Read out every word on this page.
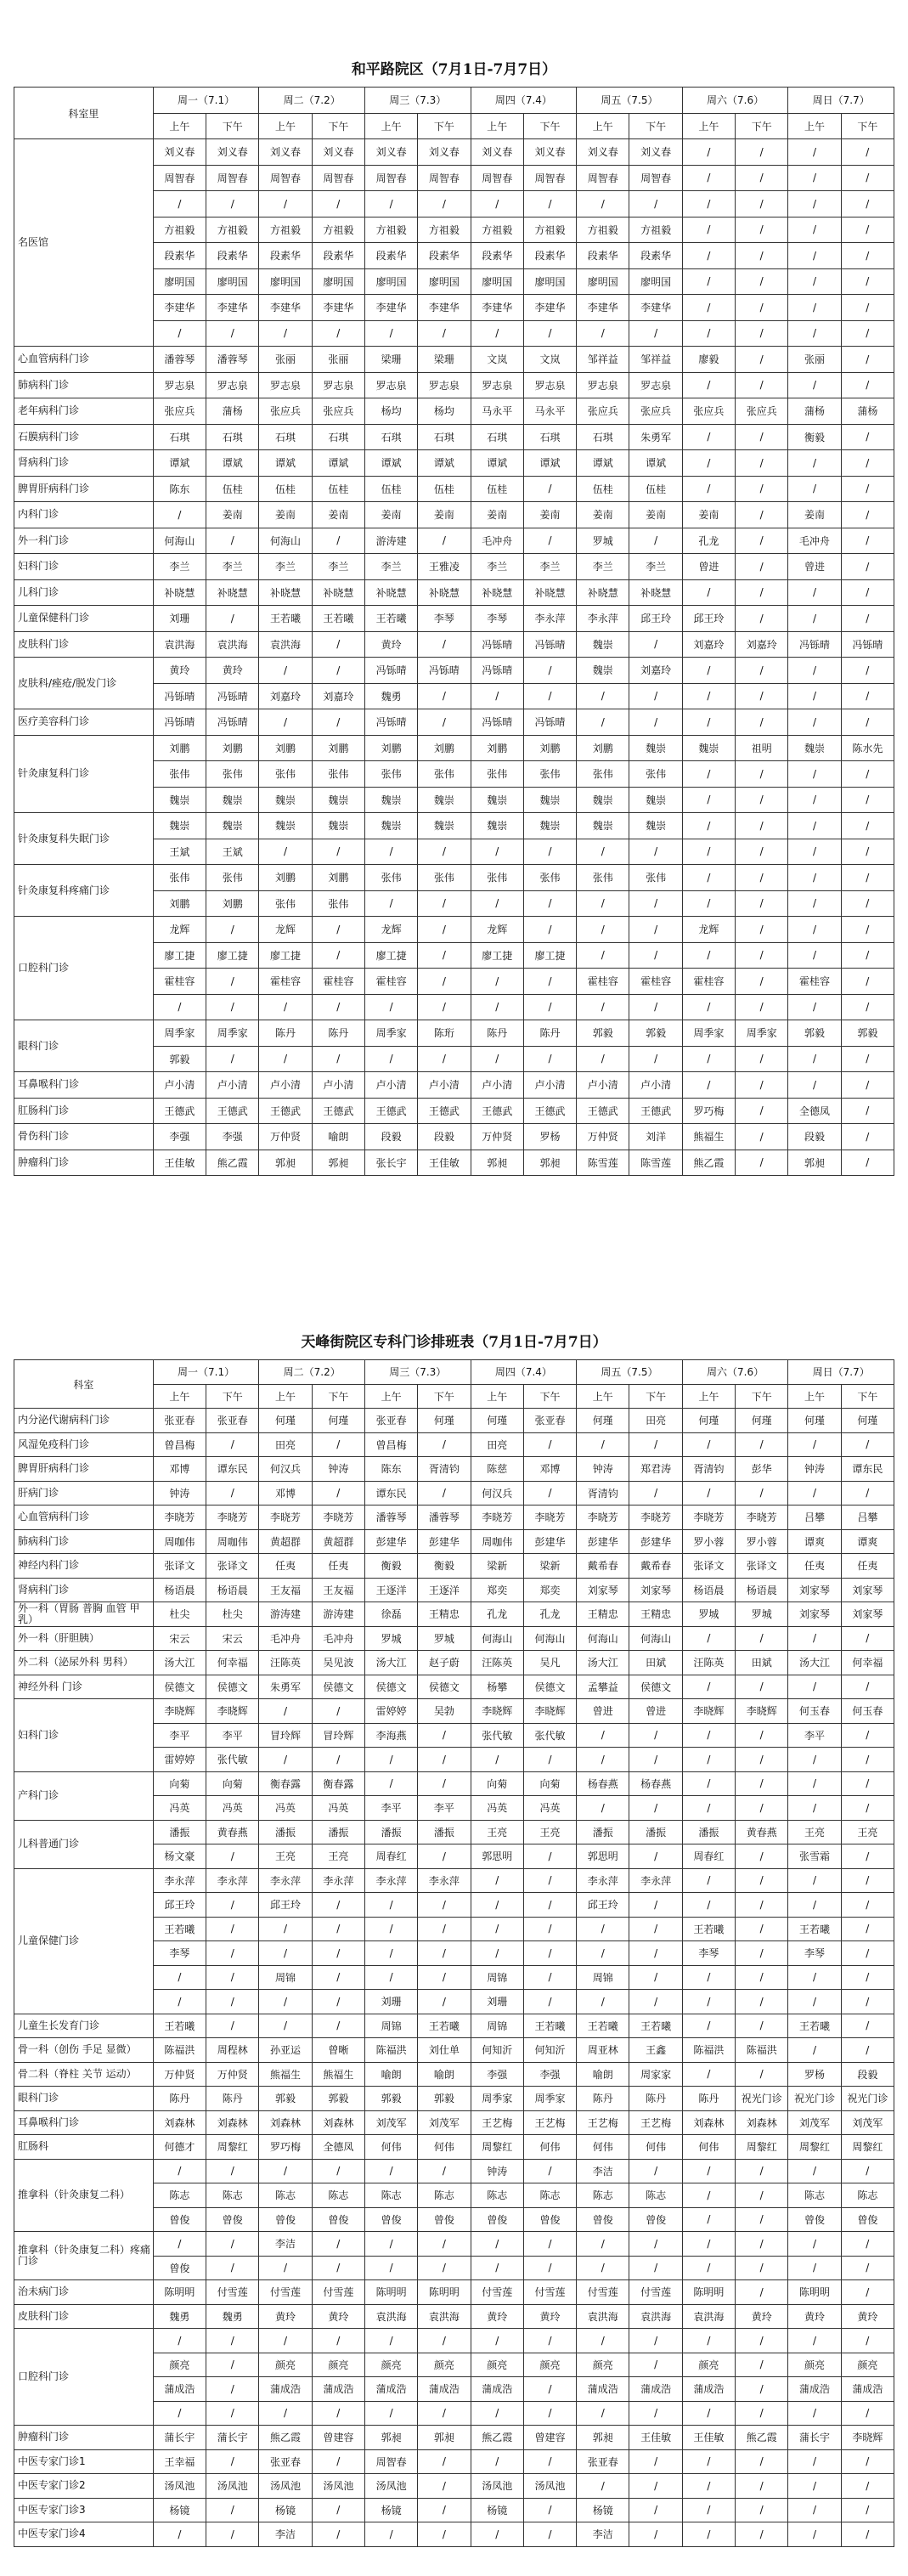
和平路院区（7月1日-7月7日）
科室里	周一（7.1）		周二（7.2）		周三（7.3）		周四（7.4）		周五（7.5）		周六（7.6）		周日（7.7）	
	上午	下午	上午	下午	上午	下午	上午	下午	上午	下午	上午	下午	上午	下午
名医馆	刘义春	刘义春	刘义春	刘义春	刘义春	刘义春	刘义春	刘义春	刘义春	刘义春	/	/	/	/
	周智春	周智春	周智春	周智春	周智春	周智春	周智春	周智春	周智春	周智春	/	/	/	/
	/	/	/	/	/	/	/	/	/	/	/	/	/	/
	方祖毅	方祖毅	方祖毅	方祖毅	方祖毅	方祖毅	方祖毅	方祖毅	方祖毅	方祖毅	/	/	/	/
	段素华	段素华	段素华	段素华	段素华	段素华	段素华	段素华	段素华	段素华	/	/	/	/
	廖明国	廖明国	廖明国	廖明国	廖明国	廖明国	廖明国	廖明国	廖明国	廖明国	/	/	/	/
	李建华	李建华	李建华	李建华	李建华	李建华	李建华	李建华	李建华	李建华	/	/	/	/
	/	/	/	/	/	/	/	/	/	/	/	/	/	/
心血管病科门诊	潘蓉琴	潘蓉琴	张丽	张丽	梁珊	梁珊	文岚	文岚	邹祥益	邹祥益	廖毅	/	张丽	/
肺病科门诊	罗志泉	罗志泉	罗志泉	罗志泉	罗志泉	罗志泉	罗志泉	罗志泉	罗志泉	罗志泉	/	/	/	/
老年病科门诊	张应兵	蒲杨	张应兵	张应兵	杨均	杨均	马永平	马永平	张应兵	张应兵	张应兵	张应兵	蒲杨	蒲杨
石膜病科门诊	石琪	石琪	石琪	石琪	石琪	石琪	石琪	石琪	石琪	朱勇军	/	/	衡毅	/
肾病科门诊	谭斌	谭斌	谭斌	谭斌	谭斌	谭斌	谭斌	谭斌	谭斌	谭斌	/	/	/	/
脾胃肝病科门诊	陈东	伍桂	伍桂	伍桂	伍桂	伍桂	伍桂	/	伍桂	伍桂	/	/	/	/
内科门诊	/	姜南	姜南	姜南	姜南	姜南	姜南	姜南	姜南	姜南	姜南	/	姜南	/
外一科门诊	何海山	/	何海山	/	游涛建	/	毛冲舟	/	罗城	/	孔龙	/	毛冲舟	/
妇科门诊	李兰	李兰	李兰	李兰	李兰	王雅凌	李兰	李兰	李兰	李兰	曾进	/	曾进	/
儿科门诊	补晓慧	补晓慧	补晓慧	补晓慧	补晓慧	补晓慧	补晓慧	补晓慧	补晓慧	补晓慧	/	/	/	/
儿童保健科门诊	刘珊	/	王若曦	王若曦	王若曦	李琴	李琴	李永萍	李永萍	邱王玲	邱王玲	/	/	/
皮肤科门诊	袁洪海	袁洪海	袁洪海	/	黄玲	/	冯铄晴	冯铄晴	魏崇	/	刘嘉玲	刘嘉玲	冯铄晴	冯铄晴
皮肤科/痤疮/脱发门诊	黄玲	黄玲	/	/	冯铄晴	冯铄晴	冯铄晴	/	魏崇	刘嘉玲	/	/	/	/
	冯铄晴	冯铄晴	刘嘉玲	刘嘉玲	魏勇	/	/	/	/	/	/	/	/	/
医疗美容科门诊	冯铄晴	冯铄晴	/	/	冯铄晴	/	冯铄晴	冯铄晴	/	/	/	/	/	/
针灸康复科门诊	刘鹏	刘鹏	刘鹏	刘鹏	刘鹏	刘鹏	刘鹏	刘鹏	刘鹏	魏崇	魏崇	祖明	魏崇	陈水先
	张伟	张伟	张伟	张伟	张伟	张伟	张伟	张伟	张伟	张伟	/	/	/	/
	魏崇	魏崇	魏崇	魏崇	魏崇	魏崇	魏崇	魏崇	魏崇	魏崇	/	/	/	/
针灸康复科失眠门诊	魏崇	魏崇	魏崇	魏崇	魏崇	魏崇	魏崇	魏崇	魏崇	魏崇	/	/	/	/
	王斌	王斌	/	/	/	/	/	/	/	/	/	/	/	/
针灸康复科疼痛门诊	张伟	张伟	刘鹏	刘鹏	张伟	张伟	张伟	张伟	张伟	张伟	/	/	/	/
	刘鹏	刘鹏	张伟	张伟	/	/	/	/	/	/	/	/	/	/
口腔科门诊	龙辉	/	龙辉	/	龙辉	/	龙辉	/	/	/	龙辉	/	/	/
	廖工捷	廖工捷	廖工捷	/	廖工捷	/	廖工捷	廖工捷	/	/	/	/	/	/
	霍桂容	/	霍桂容	霍桂容	霍桂容	/	/	/	霍桂容	霍桂容	霍桂容	/	霍桂容	/
	/	/	/	/	/	/	/	/	/	/	/	/	/	/
眼科门诊	周季家	周季家	陈丹	陈丹	周季家	陈珩	陈丹	陈丹	郭毅	郭毅	周季家	周季家	郭毅	郭毅
	郭毅	/	/	/	/	/	/	/	/	/	/	/	/	/
耳鼻喉科门诊	卢小清	卢小清	卢小清	卢小清	卢小清	卢小清	卢小清	卢小清	卢小清	卢小清	/	/	/	/
肛肠科门诊	王德武	王德武	王德武	王德武	王德武	王德武	王德武	王德武	王德武	王德武	罗巧梅	/	全德凤	/
骨伤科门诊	李强	李强	万仲贤	喻朗	段毅	段毅	万仲贤	罗杨	万仲贤	刘洋	熊福生	/	段毅	/
肿瘤科门诊	王佳敏	熊乙霞	郭昶	郭昶	张长宇	王佳敏	郭昶	郭昶	陈雪莲	陈雪莲	熊乙霞	/	郭昶	/
天峰街院区专科门诊排班表（7月1日-7月7日）
科室	周一（7.1）		周二（7.2）		周三（7.3）		周四（7.4）		周五（7.5）		周六（7.6）		周日（7.7）	
	上午	下午	上午	下午	上午	下午	上午	下午	上午	下午	上午	下午	上午	下午
内分泌代谢病科门诊	张亚春	张亚春	何瑾	何瑾	张亚春	何瑾	何瑾	张亚春	何瑾	田亮	何瑾	何瑾	何瑾	何瑾
风湿免疫科门诊	曾昌梅	/	田亮	/	曾昌梅	/	田亮	/	/	/	/	/	/	/
脾胃肝病科门诊	邓博	谭东民	何汉兵	钟涛	陈东	胥清钧	陈慈	邓博	钟涛	郑君涛	胥清钧	彭华	钟涛	谭东民
肝病门诊	钟涛	/	邓博	/	谭东民	/	何汉兵	/	胥清钧	/	/	/	/	/
心血管病科门诊	李晓芳	李晓芳	李晓芳	李晓芳	潘蓉琴	潘蓉琴	李晓芳	李晓芳	李晓芳	李晓芳	李晓芳	李晓芳	吕攀	吕攀
肺病科门诊	周咖伟	周咖伟	黄超群	黄超群	彭建华	彭建华	周咖伟	彭建华	彭建华	彭建华	罗小蓉	罗小蓉	谭爽	谭爽
神经内科门诊	张译文	张译文	任夷	任夷	衡毅	衡毅	梁新	梁新	戴希春	戴希春	张译文	张译文	任夷	任夷
肾病科门诊	杨语晨	杨语晨	王友福	王友福	王逐洋	王逐洋	郑奕	郑奕	刘家琴	刘家琴	杨语晨	杨语晨	刘家琴	刘家琴
外一科（胃肠 普胸 血管 甲乳）	杜尖	杜尖	游涛建	游涛建	徐磊	王精忠	孔龙	孔龙	王精忠	王精忠	罗城	罗城	刘家琴	刘家琴
外一科（肝胆胰）	宋云	宋云	毛冲舟	毛冲舟	罗城	罗城	何海山	何海山	何海山	何海山	/	/	/	/
外二科（泌尿外科 男科）	汤大江	何幸福	汪陈英	吴见波	汤大江	赵子蔚	汪陈英	吴凡	汤大江	田斌	汪陈英	田斌	汤大江	何幸福
神经外科 门诊	侯德文	侯德文	朱勇军	侯德文	侯德文	侯德文	杨攀	侯德文	孟攀益	侯德文	/	/	/	/
妇科门诊	李晓辉	李晓辉	/	/	雷婷婷	吴勃	李晓辉	李晓辉	曾进	曾进	李晓辉	李晓辉	何玉春	何玉春
	李平	李平	冒玲辉	冒玲辉	李海燕	/	张代敏	张代敏	/	/	/	/	李平	/
	雷婷婷	张代敏	/	/	/	/	/	/	/	/	/	/	/	/
产科门诊	向菊	向菊	衡春露	衡春露	/	/	向菊	向菊	杨春燕	杨春燕	/	/	/	/
	冯英	冯英	冯英	冯英	李平	李平	冯英	冯英	/	/	/	/	/	/
儿科普通门诊	潘振	黄春燕	潘振	潘振	潘振	潘振	王亮	王亮	潘振	潘振	潘振	黄春燕	王亮	王亮
	杨文豪	/	王亮	王亮	周春红	/	郭思明	/	郭思明	/	周春红	/	张雪霜	/
儿童保健门诊	李永萍	李永萍	李永萍	李永萍	李永萍	李永萍	/	/	李永萍	李永萍	/	/	/	/
	邱王玲	/	邱王玲	/	/	/	/	/	邱王玲	/	/	/	/	/
	王若曦	/	/	/	/	/	/	/	/	/	王若曦	/	王若曦	/
	李琴	/	/	/	/	/	/	/	/	/	李琴	/	李琴	/
	/	/	周锦	/	/	/	周锦	/	周锦	/	/	/	/	/
	/	/	/	/	刘珊	/	刘珊	/	/	/	/	/	/	/
儿童生长发育门诊	王若曦	/	/	/	周锦	王若曦	周锦	王若曦	王若曦	王若曦	/	/	王若曦	/
骨一科（创伤 手足 显微）	陈福洪	周程林	孙亚运	曾晰	陈福洪	刘仕单	何知沂	何知沂	周亚林	王鑫	陈福洪	陈福洪	/	/
骨二科（脊柱 关节 运动）	万仲贤	万仲贤	熊福生	熊福生	喻朗	喻朗	李强	李强	喻朗	周家家	/	/	罗杨	段毅
眼科门诊	陈丹	陈丹	郭毅	郭毅	郭毅	郭毅	周季家	周季家	陈丹	陈丹	陈丹	祝光门诊	祝光门诊	祝光门诊
耳鼻喉科门诊	刘森林	刘森林	刘森林	刘森林	刘茂军	刘茂军	王艺梅	王艺梅	王艺梅	王艺梅	刘森林	刘森林	刘茂军	刘茂军
肛肠科	何德才	周黎红	罗巧梅	全德凤	何伟	何伟	周黎红	何伟	何伟	何伟	何伟	周黎红	周黎红	周黎红
推拿科（针灸康复二科）	/	/	/	/	/	/	钟涛	/	李洁	/	/	/	/	/
	陈志	陈志	陈志	陈志	陈志	陈志	陈志	陈志	陈志	陈志	/	/	陈志	陈志
	曾俊	曾俊	曾俊	曾俊	曾俊	曾俊	曾俊	曾俊	曾俊	曾俊	/	/	曾俊	曾俊
推拿科（针灸康复二科）疼痛门诊	/	/	李洁	/	/	/	/	/	/	/	/	/	/	/
	曾俊	/	/	/	/	/	/	/	/	/	/	/	/	/
治未病门诊	陈明明	付雪莲	付雪莲	付雪莲	陈明明	陈明明	付雪莲	付雪莲	付雪莲	付雪莲	陈明明	/	陈明明	/
皮肤科门诊	魏勇	魏勇	黄玲	黄玲	袁洪海	袁洪海	黄玲	黄玲	袁洪海	袁洪海	袁洪海	黄玲	黄玲	黄玲
口腔科门诊	/	/	/	/	/	/	/	/	/	/	/	/	/	/
	颜亮	/	颜亮	颜亮	颜亮	颜亮	颜亮	颜亮	颜亮	/	颜亮	/	颜亮	颜亮
	蒲成浩	/	蒲成浩	蒲成浩	蒲成浩	蒲成浩	蒲成浩	/	蒲成浩	蒲成浩	蒲成浩	/	蒲成浩	蒲成浩
	/	/	/	/	/	/	/	/	/	/	/	/	/	/
肿瘤科门诊	蒲长宇	蒲长宇	熊乙霞	曾建容	郭昶	郭昶	熊乙霞	曾建容	郭昶	王佳敏	王佳敏	熊乙霞	蒲长宇	李晓辉
中医专家门诊1	王幸福	/	张亚春	/	周智春	/	/	/	张亚春	/	/	/	/	/
中医专家门诊2	汤凤池	汤凤池	汤凤池	汤凤池	汤凤池	/	汤凤池	汤凤池	/	/	/	/	/	/
中医专家门诊3	杨镜	/	杨镜	/	杨镜	/	杨镜	/	杨镜	/	/	/	/	/
中医专家门诊4	/	/	李洁	/	/	/	/	/	李洁	/	/	/	/	/
